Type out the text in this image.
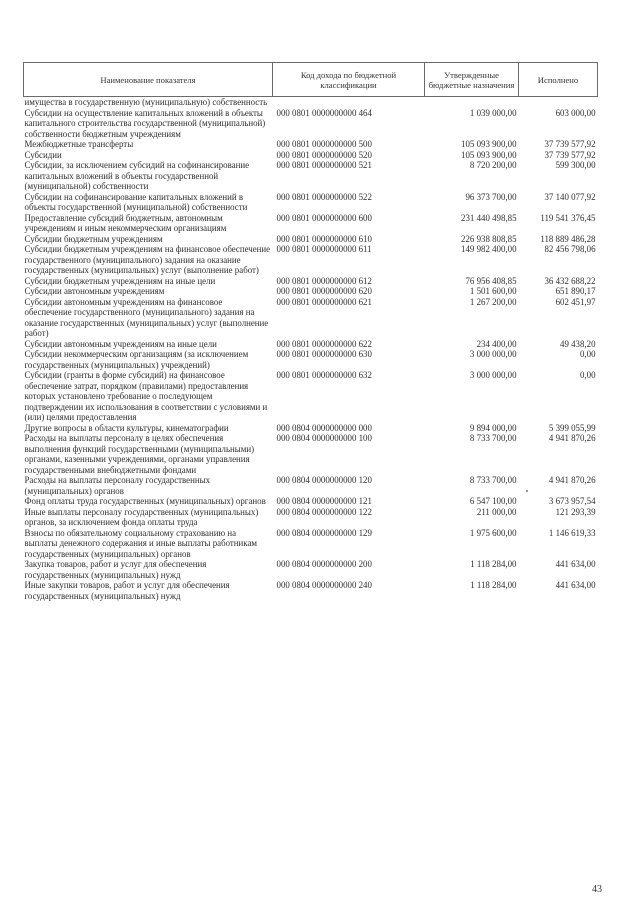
Наименование показателя	Код дохода по бюджетной классификации	Утвержденные бюджетные назначения	Исполнено
имущества в государственную (муниципальную) собственность			
Субсидии на осуществление капитальных вложений в объекты капитального строительства государственной (муниципальной) собственности бюджетным учреждениям	000 0801 0000000000 464	1 039 000,00	603 000,00
Межбюджетные трансферты	000 0801 0000000000 500	105 093 900,00	37 739 577,92
Субсидии	000 0801 0000000000 520	105 093 900,00	37 739 577,92
Субсидии, за исключением субсидий на софинансирование капитальных вложений в объекты государственной (муниципальной) собственности	000 0801 0000000000 521	8 720 200,00	599 300,00
Субсидии на софинансирование капитальных вложений в объекты государственной (муниципальной) собственности	000 0801 0000000000 522	96 373 700,00	37 140 077,92
Предоставление субсидий бюджетным, автономным учреждениям и иным некоммерческим организациям	000 0801 0000000000 600	231 440 498,85	119 541 376,45
Субсидии бюджетным учреждениям	000 0801 0000000000 610	226 938 808,85	118 889 486,28
Субсидии бюджетным учреждениям на финансовое обеспечение государственного (муниципального) задания на оказание государственных (муниципальных) услуг (выполнение работ)	000 0801 0000000000 611	149 982 400,00	82 456 798,06
Субсидии бюджетным учреждениям на иные цели	000 0801 0000000000 612	76 956 408,85	36 432 688,22
Субсидии автономным учреждениям	000 0801 0000000000 620	1 501 600,00	651 890,17
Субсидии автономным учреждениям на финансовое обеспечение государственного (муниципального) задания на оказание государственных (муниципальных) услуг (выполнение работ)	000 0801 0000000000 621	1 267 200,00	602 451,97
Субсидии автономным учреждениям на иные цели	000 0801 0000000000 622	234 400,00	49 438,20
Субсидии некоммерческим организациям (за исключением государственных (муниципальных) учреждений)	000 0801 0000000000 630	3 000 000,00	0,00
Субсидии (гранты в форме субсидий) на финансовое обеспечение затрат, порядком (правилами) предоставления которых установлено требование о последующем подтверждении их использования в соответствии с условиями и (или) целями предоставления	000 0801 0000000000 632	3 000 000,00	0,00
Другие вопросы в области культуры, кинематографии	000 0804 0000000000 000	9 894 000,00	5 399 055,99
Расходы на выплаты персоналу в целях обеспечения выполнения функций государственными (муниципальными) органами, казенными учреждениями, органами управления государственными внебюджетными фондами	000 0804 0000000000 100	8 733 700,00	4 941 870,26
Расходы на выплаты персоналу государственных (муниципальных) органов	000 0804 0000000000 120	8 733 700,00	4 941 870,26
Фонд оплаты труда государственных (муниципальных) органов	000 0804 0000000000 121	6 547 100,00	3 673 957,54
Иные выплаты персоналу государственных (муниципальных) органов, за исключением фонда оплаты труда	000 0804 0000000000 122	211 000,00	121 293,39
Взносы по обязательному социальному страхованию на выплаты денежного содержания и иные выплаты работникам государственных (муниципальных) органов	000 0804 0000000000 129	1 975 600,00	1 146 619,33
Закупка товаров, работ и услуг для обеспечения государственных (муниципальных) нужд	000 0804 0000000000 200	1 118 284,00	441 634,00
Иные закупки товаров, работ и услуг для обеспечения государственных (муниципальных) нужд	000 0804 0000000000 240	1 118 284,00	441 634,00
43
